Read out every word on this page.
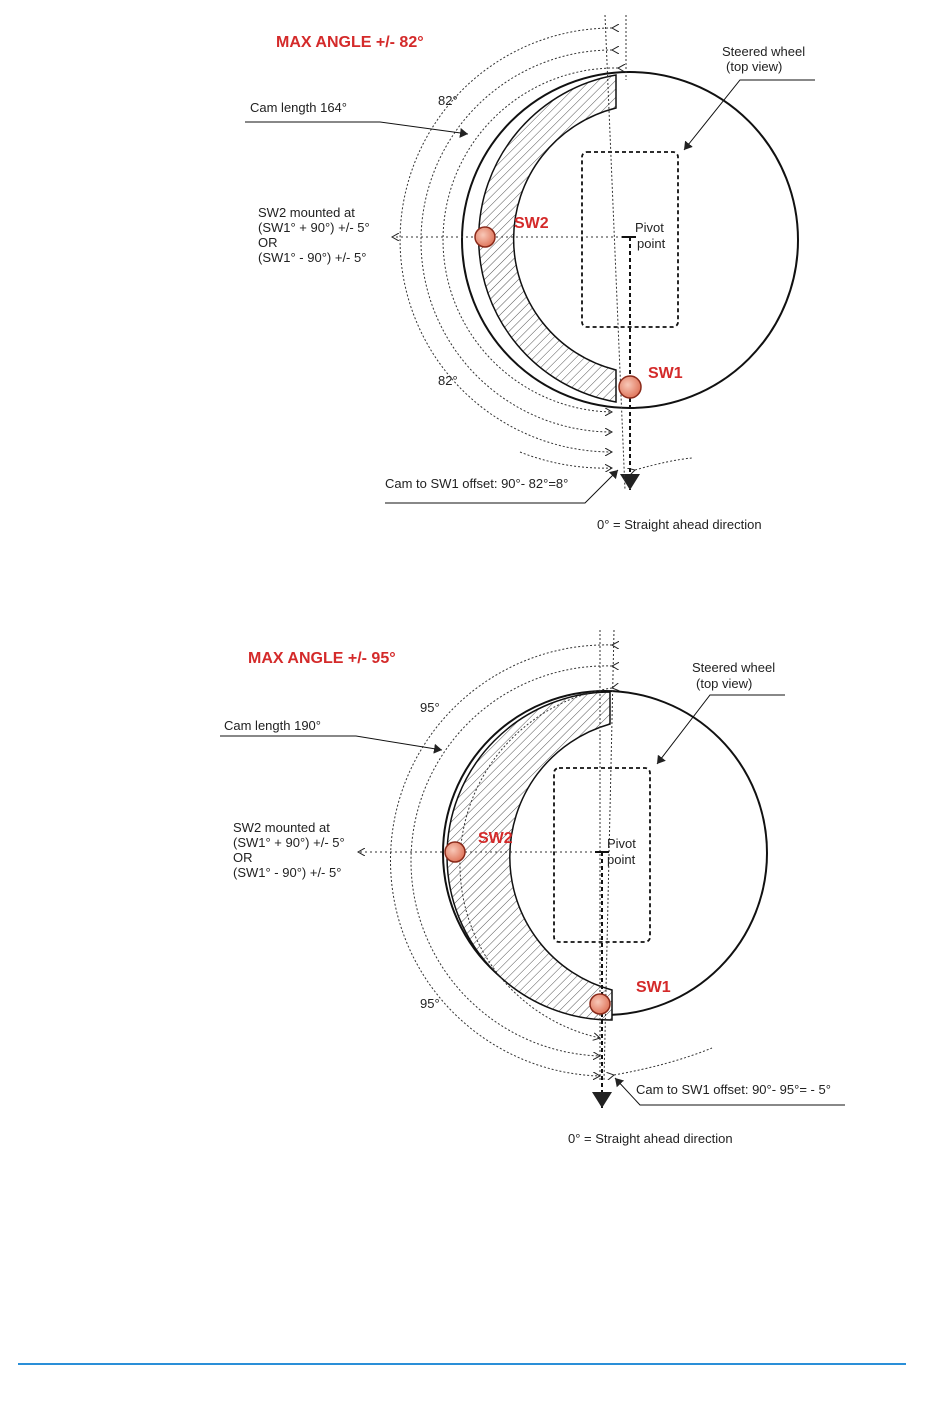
MAX ANGLE +/- 82°
Steered wheel
(top view)
82°
Cam length 164°
SW2 mounted at
(SW1° + 90°) +/- 5°
OR
(SW1° - 90°) +/- 5°
SW2	Pivot
point
SW1
82°
Cam to SW1 offset: 90°- 82°=8°
0° = Straight ahead direction
MAX ANGLE +/- 95°
Steered wheel
(top view)
95°
Cam length 190°
SW2 mounted at
(SW1° + 90°) +/- 5°
OR
(SW1° - 90°) +/- 5°
SW2	Pivot
point
SW1
95°
Cam to SW1 offset: 90°- 95°= - 5°
0° = Straight ahead direction
